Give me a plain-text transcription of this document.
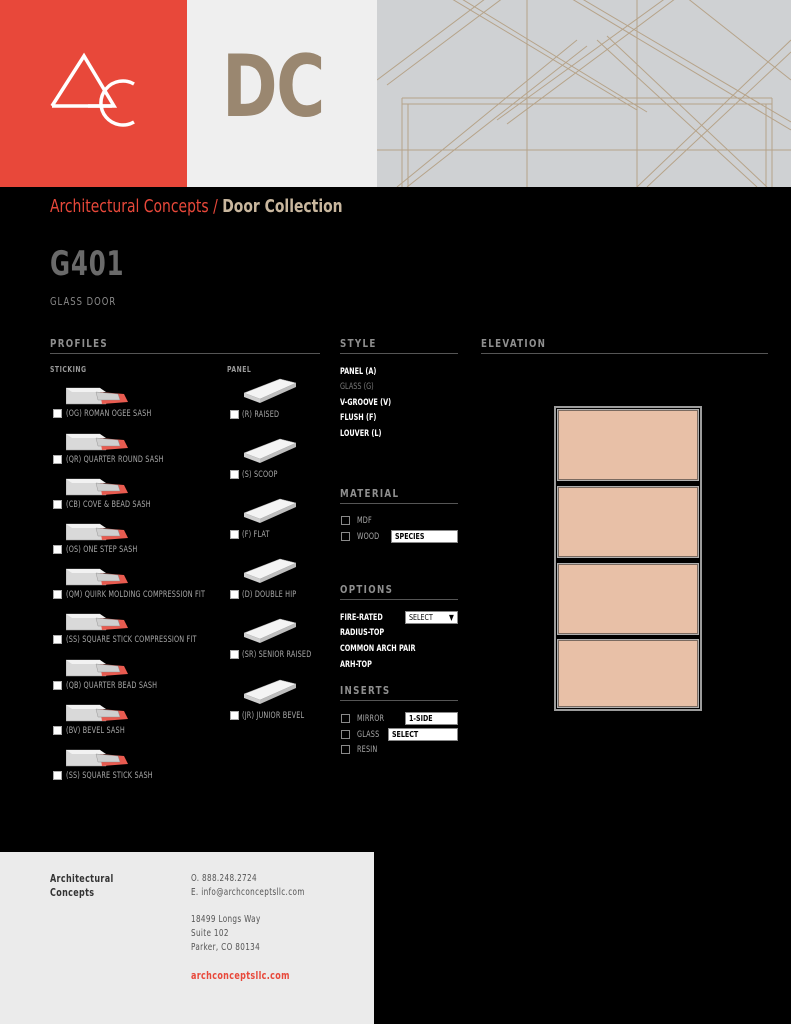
DC
Architectural Concepts / Door Collection
G401
GLASS DOOR
PROFILES	STYLE	ELEVATION
STICKING	PANEL
MATERIAL
MDF
WOOD	SPECIES
OPTIONS
FIRE-RATED	SELECT ▼
RADIUS-TOP
COMMON ARCH PAIR
ARH-TOP
INSERTS
MIRROR	1-SIDE
GLASS	SELECT
RESIN
Architectural
Concepts
O. 888.248.2724
E. info@archconceptsllc.com
18499 Longs Way
Suite 102
Parker, CO 80134
archconceptsllc.com
(OG) ROMAN OGEE SASH
(QR) QUARTER ROUND SASH
(CB) COVE & BEAD SASH
(OS) ONE STEP SASH
(QM) QUIRK MOLDING COMPRESSION FIT
(SS) SQUARE STICK COMPRESSION FIT
(QB) QUARTER BEAD SASH
(BV) BEVEL SASH
(SS) SQUARE STICK SASH
(R) RAISED
(S) SCOOP
(F) FLAT
(D) DOUBLE HIP
(SR) SENIOR RAISED
(JR) JUNIOR BEVEL
PANEL (A)
GLASS (G)
V-GROOVE (V)
FLUSH (F)
LOUVER (L)
